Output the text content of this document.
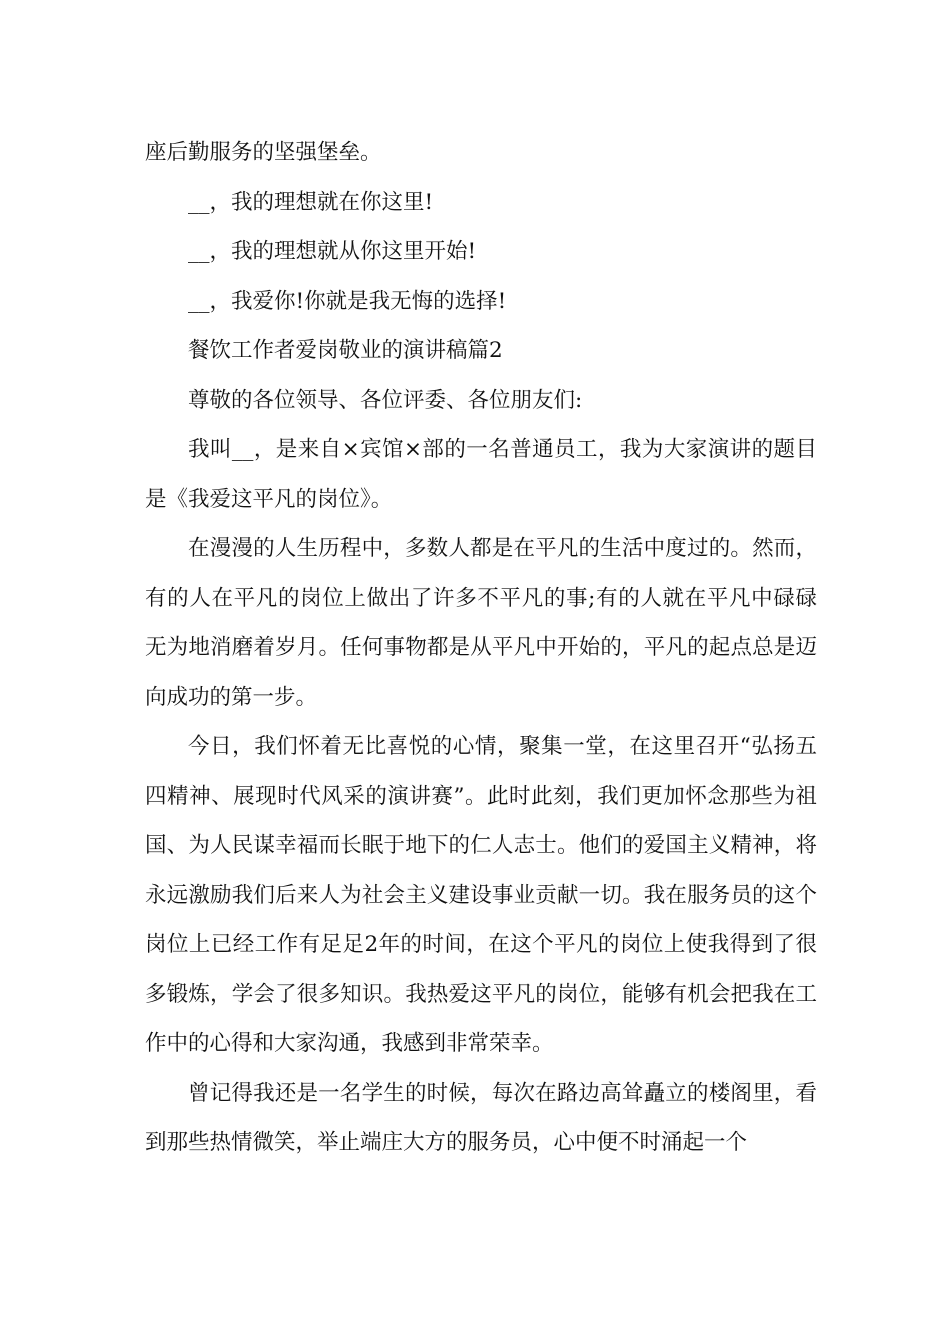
座后勤服务的坚强堡垒。

__，我的理想就在你这里!

__，我的理想就从你这里开始!

__，我爱你!你就是我无悔的选择!

餐饮工作者爱岗敬业的演讲稿篇2

尊敬的各位领导、各位评委、各位朋友们:

我叫__，是来自×宾馆×部的一名普通员工，我为大家演讲的题目是《我爱这平凡的岗位》。

在漫漫的人生历程中，多数人都是在平凡的生活中度过的。然而，有的人在平凡的岗位上做出了许多不平凡的事;有的人就在平凡中碌碌无为地消磨着岁月。任何事物都是从平凡中开始的，平凡的起点总是迈向成功的第一步。

今日，我们怀着无比喜悦的心情，聚集一堂，在这里召开“弘扬五四精神、展现时代风采的演讲赛”。此时此刻，我们更加怀念那些为祖国、为人民谋幸福而长眠于地下的仁人志士。他们的爱国主义精神，将永远激励我们后来人为社会主义建设事业贡献一切。我在服务员的这个岗位上已经工作有足足2年的时间，在这个平凡的岗位上使我得到了很多锻炼，学会了很多知识。我热爱这平凡的岗位，能够有机会把我在工作中的心得和大家沟通，我感到非常荣幸。

曾记得我还是一名学生的时候，每次在路边高耸矗立的楼阁里，看到那些热情微笑，举止端庄大方的服务员，心中便不时涌起一个
